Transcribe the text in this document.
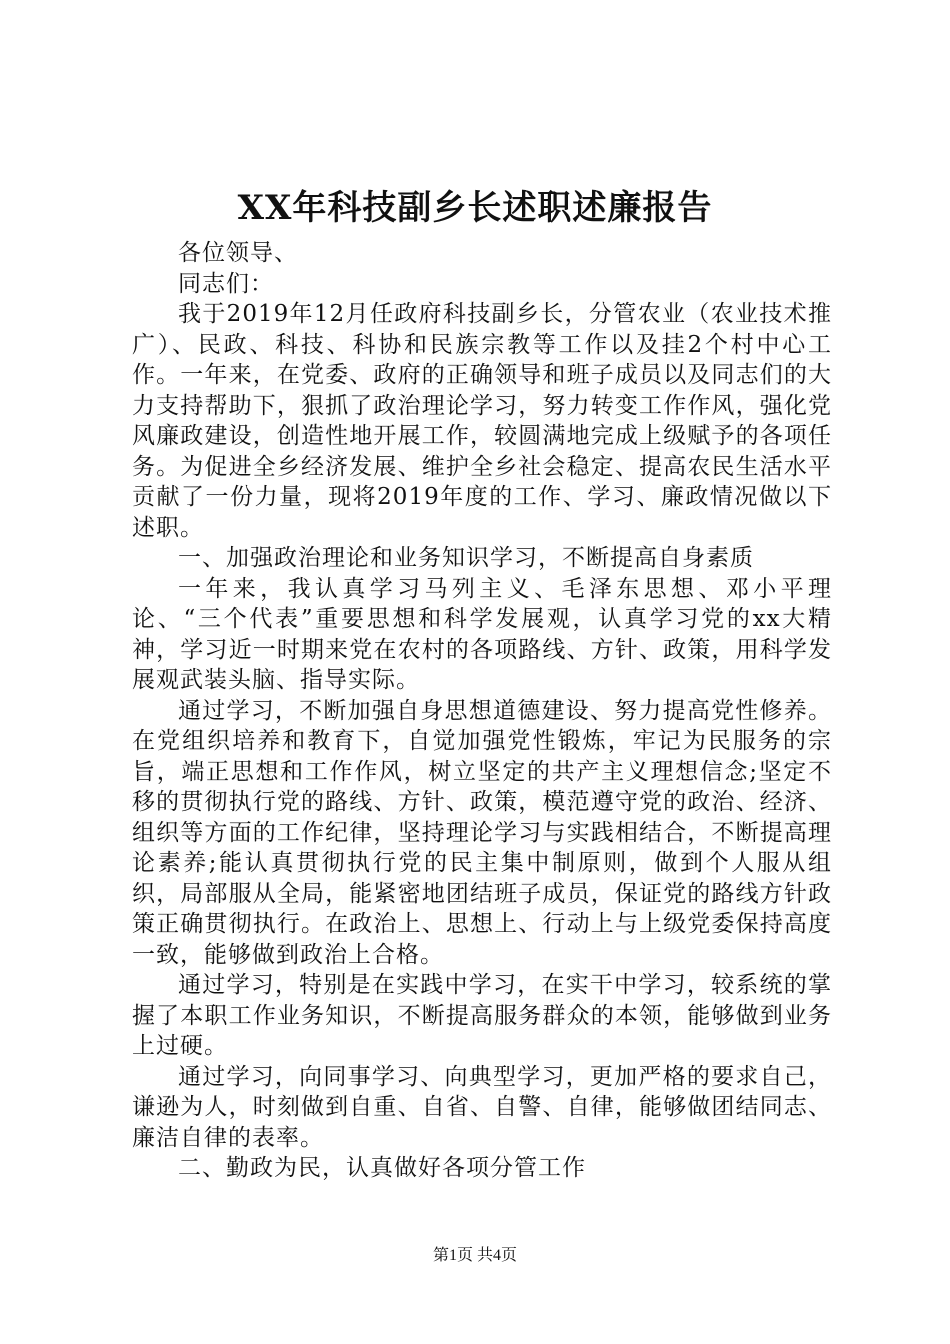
XX年科技副乡长述职述廉报告

各位领导、

同志们：

我于2019年12月任政府科技副乡长，分管农业（农业技术推广）、民政、科技、科协和民族宗教等工作以及挂2个村中心工作。一年来，在党委、政府的正确领导和班子成员以及同志们的大力支持帮助下，狠抓了政治理论学习，努力转变工作作风，强化党风廉政建设，创造性地开展工作，较圆满地完成上级赋予的各项任务。为促进全乡经济发展、维护全乡社会稳定、提高农民生活水平贡献了一份力量，现将2019年度的工作、学习、廉政情况做以下述职。

一、加强政治理论和业务知识学习，不断提高自身素质

一年来，我认真学习马列主义、毛泽东思想、邓小平理论、“三个代表”重要思想和科学发展观，认真学习党的xx大精神，学习近一时期来党在农村的各项路线、方针、政策，用科学发展观武装头脑、指导实际。

通过学习，不断加强自身思想道德建设、努力提高党性修养。在党组织培养和教育下，自觉加强党性锻炼，牢记为民服务的宗旨，端正思想和工作作风，树立坚定的共产主义理想信念;坚定不移的贯彻执行党的路线、方针、政策，模范遵守党的政治、经济、组织等方面的工作纪律，坚持理论学习与实践相结合，不断提高理论素养;能认真贯彻执行党的民主集中制原则，做到个人服从组织，局部服从全局，能紧密地团结班子成员，保证党的路线方针政策正确贯彻执行。在政治上、思想上、行动上与上级党委保持高度一致，能够做到政治上合格。

通过学习，特别是在实践中学习，在实干中学习，较系统的掌握了本职工作业务知识，不断提高服务群众的本领，能够做到业务上过硬。

通过学习，向同事学习、向典型学习，更加严格的要求自己，谦逊为人，时刻做到自重、自省、自警、自律，能够做团结同志、廉洁自律的表率。

二、勤政为民，认真做好各项分管工作

第1页 共4页
